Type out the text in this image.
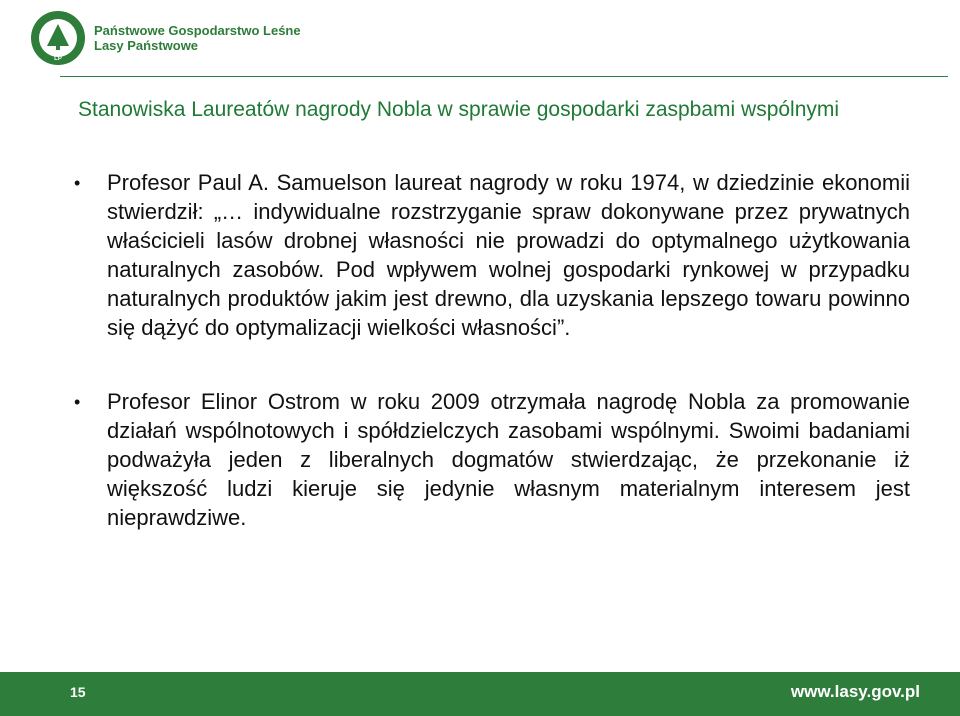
LP
Państwowe Gospodarstwo Leśne
Lasy Państwowe
Stanowiska Laureatów nagrody Nobla w sprawie gospodarki zaspbami wspólnymi
• Profesor Paul A. Samuelson laureat nagrody w roku 1974, w dziedzinie ekonomii stwierdził: „… indywidualne rozstrzyganie spraw dokonywane przez prywatnych właścicieli lasów drobnej własności nie prowadzi do optymalnego użytkowania naturalnych zasobów. Pod wpływem wolnej gospodarki rynkowej w przypadku naturalnych produktów jakim jest drewno, dla uzyskania lepszego towaru powinno się dążyć do optymalizacji wielkości własności”.
• Profesor Elinor Ostrom w roku 2009 otrzymała nagrodę Nobla za promowanie działań wspólnotowych i spółdzielczych zasobami wspólnymi. Swoimi badaniami podważyła jeden z liberalnych dogmatów stwierdzając, że przekonanie iż większość ludzi kieruje się jedynie własnym materialnym interesem jest nieprawdziwe.
15	www.lasy.gov.pl
